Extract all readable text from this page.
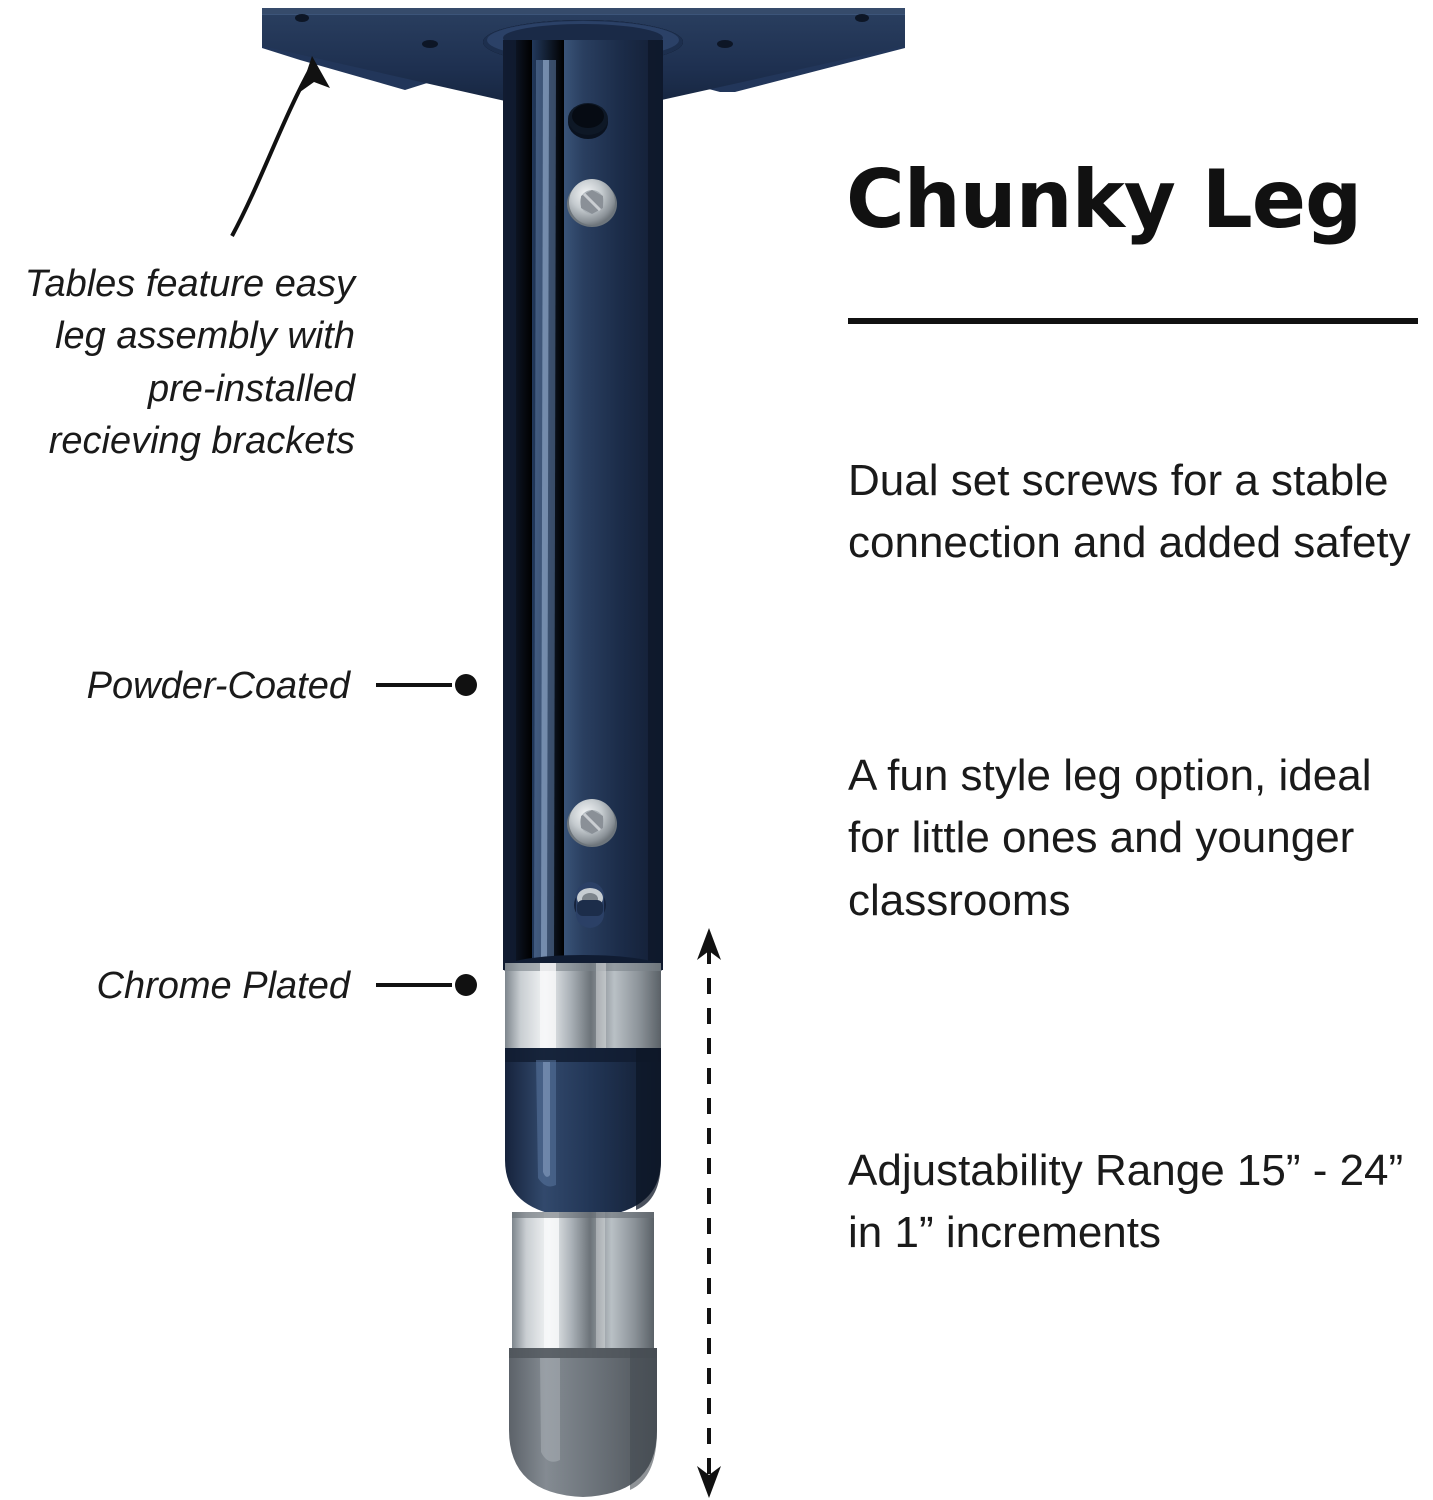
Chunky Leg
Dual set screws for a stable connection and added safety
A fun style leg option, ideal for little ones and younger classrooms
Adjustability Range 15” - 24” in 1” increments
Tables feature easy leg assembly with pre-installed recieving brackets
Powder-Coated
Chrome Plated
